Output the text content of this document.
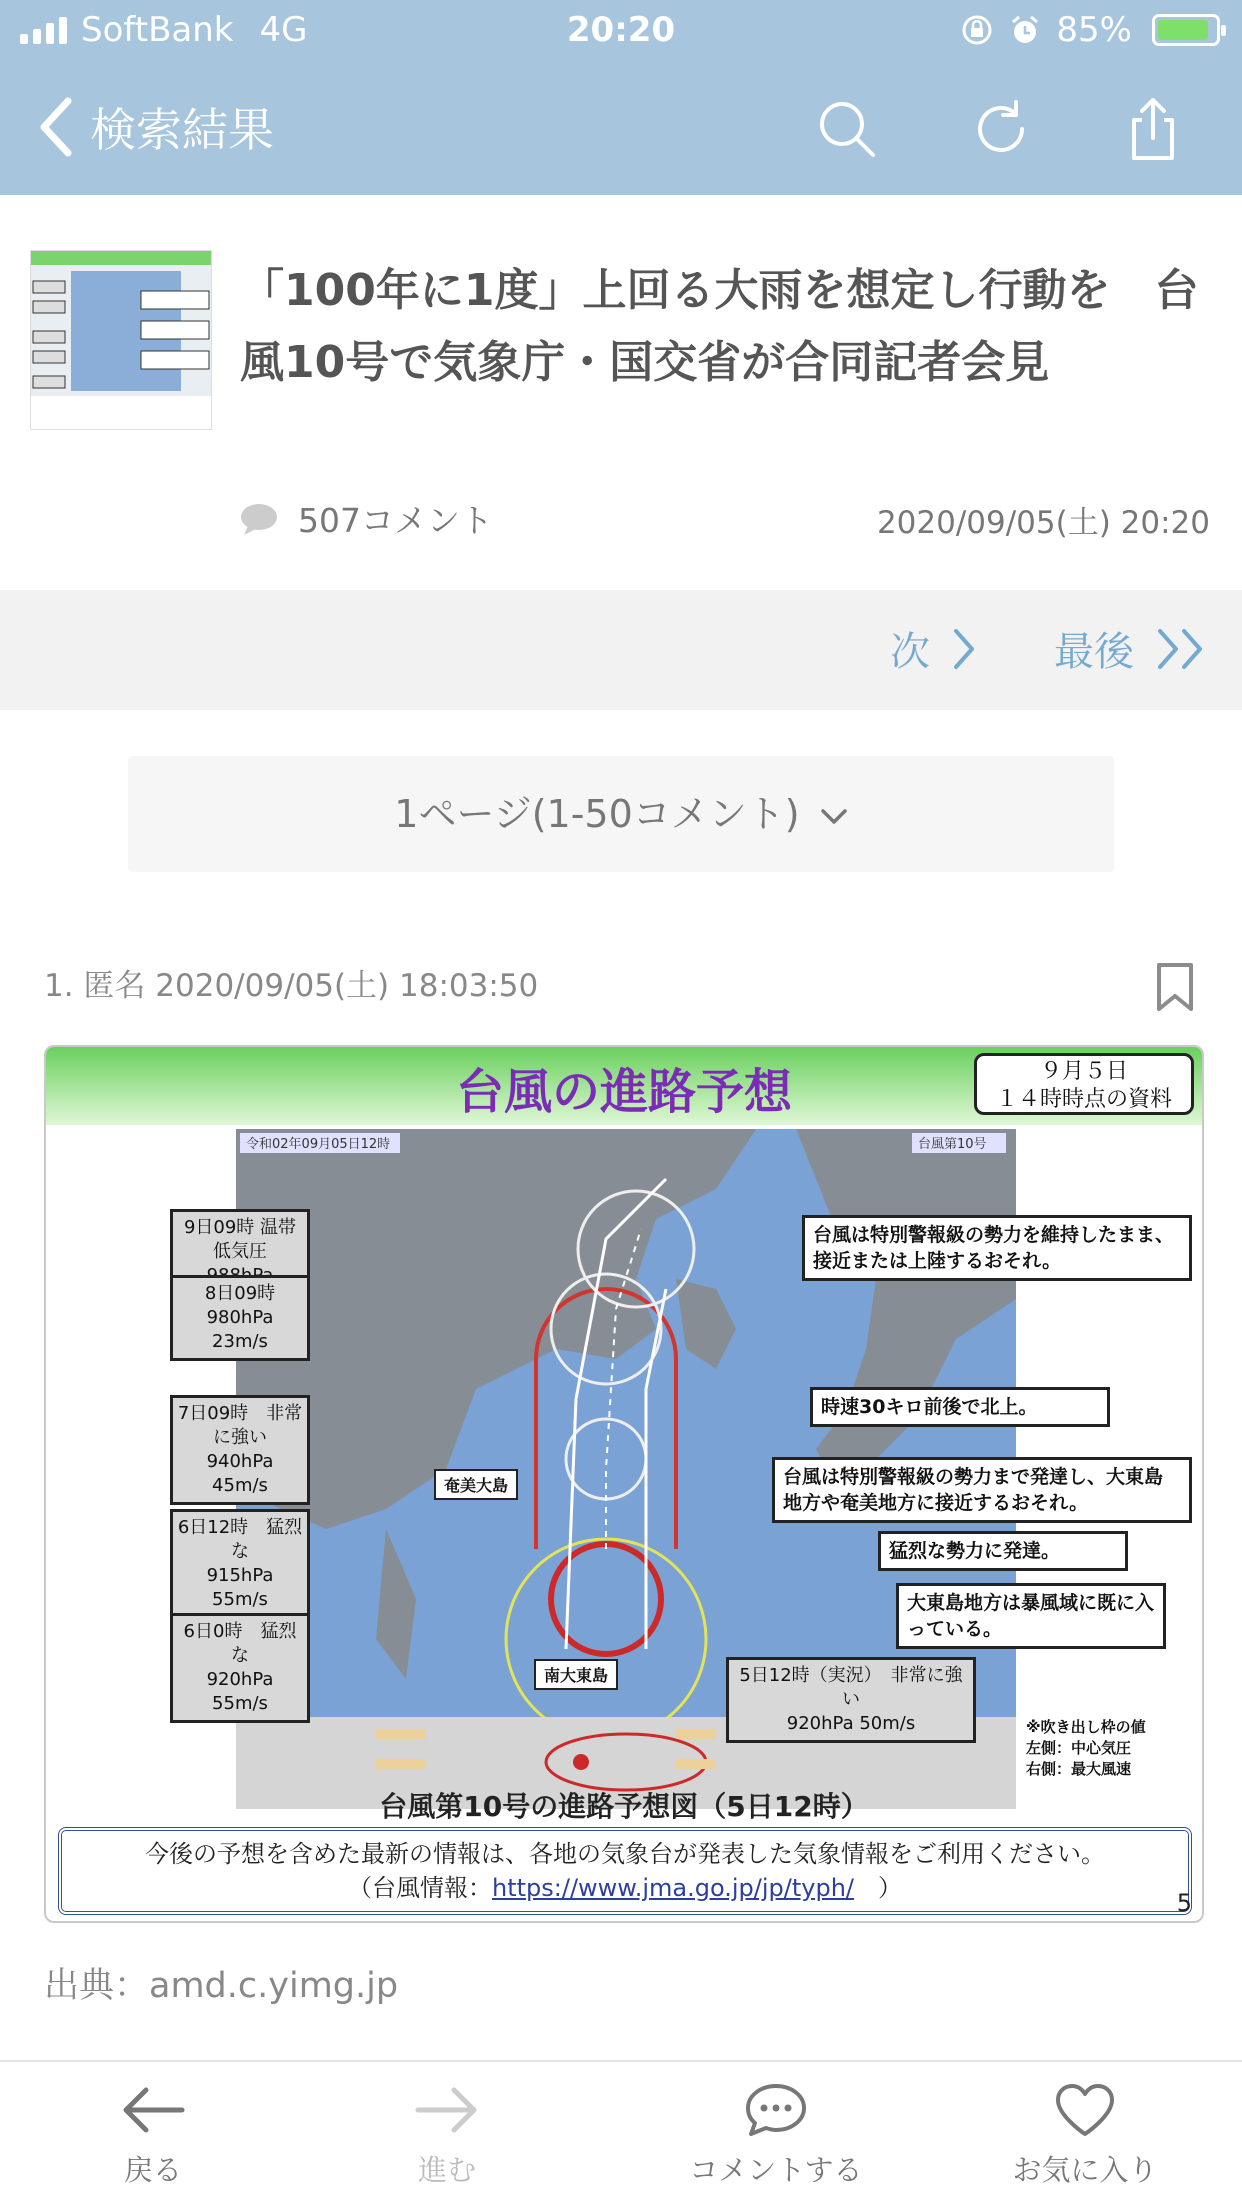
SoftBank 4G	20:20	85%
検索結果
「100年に1度」上回る大雨を想定し行動を　台風10号で気象庁・国交省が合同記者会見
507コメント	2020/09/05(土) 20:20
次	最後
1ページ(1-50コメント)
1. 匿名 2020/09/05(土) 18:03:50
台風の進路予想	９月５日
１４時時点の資料
令和02年09月05日12時	台風第10号
9日09時 温帯低気圧
8日09時
980hPa 23m/s
7日09時　非常に強い
940hPa 45m/s
6日12時　猛烈な
915hPa 55m/s
6日0時　猛烈な
920hPa 55m/s
台風は特別警報級の勢力を維持したまま、接近または上陸するおそれ。
時速30キロ前後で北上。
台風は特別警報級の勢力まで発達し、大東島地方や奄美地方に接近するおそれ。
猛烈な勢力に発達。
大東島地方は暴風域に既に入っている。
奄美大島
南大東島	5日12時（実況）　非常に強い
920hPa 50m/s	※吹き出し枠の値
左側：中心気圧
右側：最大風速
台風第10号の進路予想図（5日12時）
今後の予想を含めた最新の情報は、各地の気象台が発表した気象情報をご利用ください。
（台風情報：https://www.jma.go.jp/jp/typh/　）
5
出典：amd.c.yimg.jp
戻る	進む	コメントする	お気に入り
